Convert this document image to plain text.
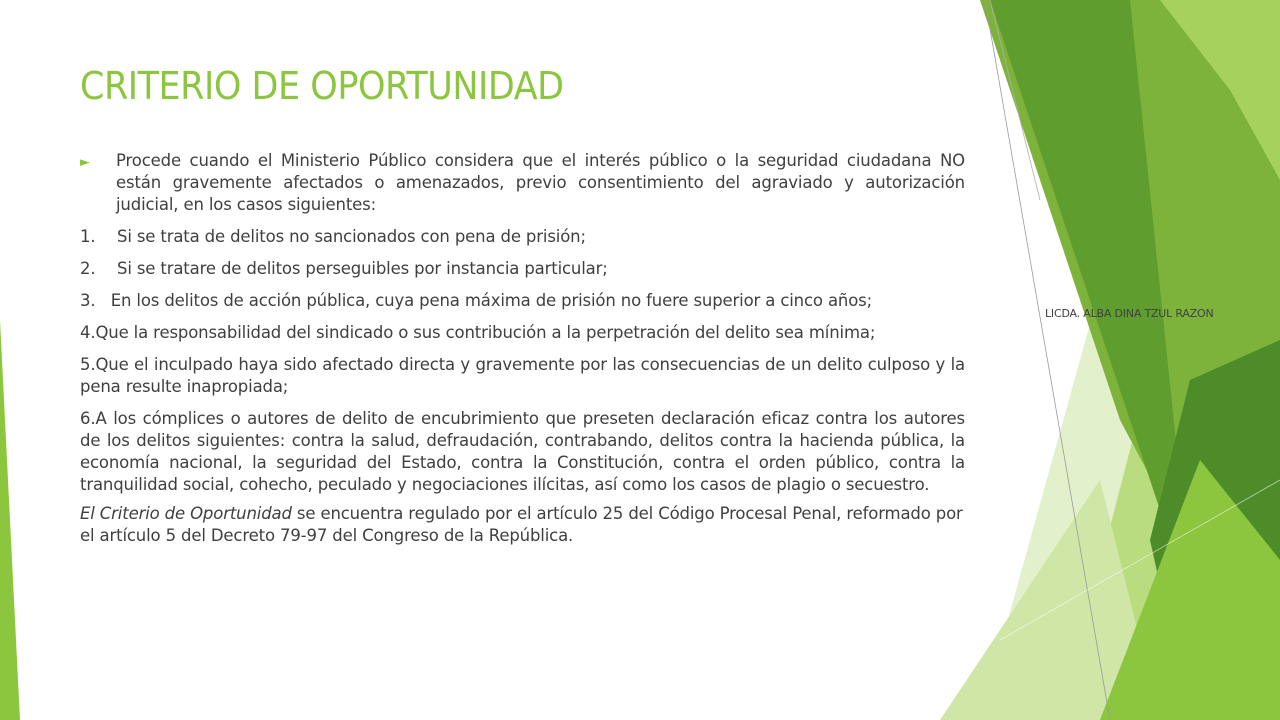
CRITERIO DE OPORTUNIDAD

► Procede cuando el Ministerio Público considera que el interés público o la seguridad ciudadana NO están gravemente afectados o amenazados, previo consentimiento del agraviado y autorización judicial, en los casos siguientes:

1.	Si se trata de delitos no sancionados con pena de prisión;

2.	Si se tratare de delitos perseguibles por instancia particular;

3.   En los delitos de acción pública, cuya pena máxima de prisión no fuere superior a cinco años;

4.Que la responsabilidad del sindicado o sus contribución a la perpetración del delito sea mínima;

5.Que el inculpado haya sido afectado directa y gravemente por las consecuencias de un delito culposo y la pena resulte inapropiada;

6.A los cómplices o autores de delito de encubrimiento que preseten declaración eficaz contra los autores de los delitos siguientes: contra la salud, defraudación, contrabando, delitos contra la hacienda pública, la economía nacional, la seguridad del Estado, contra la Constitución, contra el orden público, contra la tranquilidad social, cohecho, peculado y negociaciones ilícitas, así como los casos de plagio o secuestro.

El Criterio de Oportunidad se encuentra regulado por el artículo 25 del Código Procesal Penal, reformado por el artículo 5 del Decreto 79-97 del Congreso de la República.

LICDA. ALBA DINA TZUL RAZON
